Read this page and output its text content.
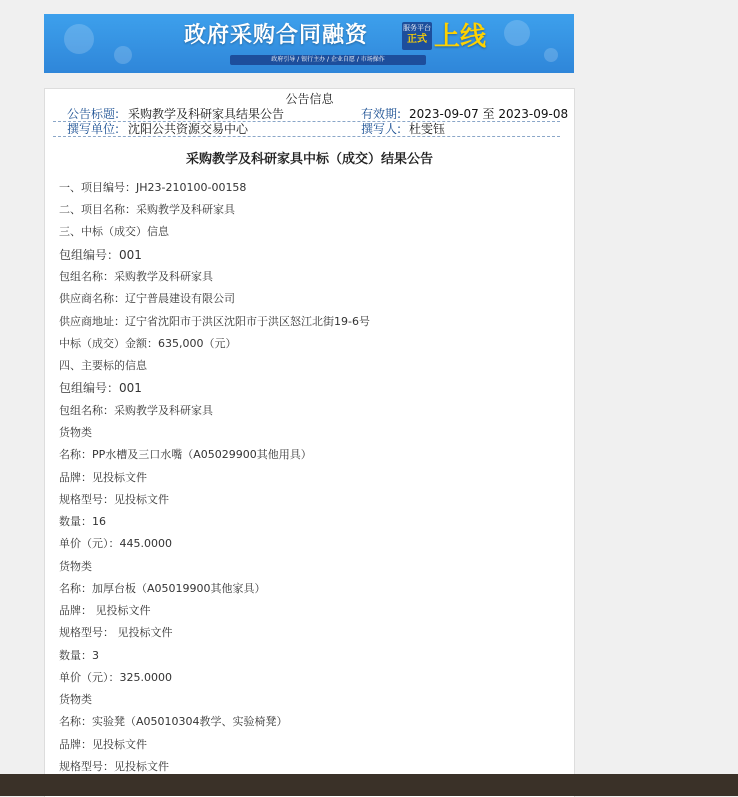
政府采购合同融资	服务平台
正式 上线
政府引导 / 银行主办 / 企业自愿 / 市场操作
公告信息
公告标题: 采购教学及科研家具结果公告	有效期: 2023-09-07 至 2023-09-08
撰写单位: 沈阳公共资源交易中心	撰写人: 杜雯钰
采购教学及科研家具中标（成交）结果公告
一、项目编号：JH23-210100-00158
二、项目名称：采购教学及科研家具
三、中标（成交）信息
包组编号：001
包组名称：采购教学及科研家具
供应商名称：辽宁普晨建设有限公司
供应商地址：辽宁省沈阳市于洪区沈阳市于洪区怒江北街19-6号
中标（成交）金额：635,000（元）
四、主要标的信息
包组编号：001
包组名称：采购教学及科研家具
货物类
名称：PP水槽及三口水嘴（A05029900其他用具）
品牌：见投标文件
规格型号：见投标文件
数量：16
单价（元）：445.0000
货物类
名称：加厚台板（A05019900其他家具）
品牌： 见投标文件
规格型号： 见投标文件
数量：3
单价（元）：325.0000
货物类
名称：实验凳（A05010304教学、实验椅凳）
品牌：见投标文件
规格型号：见投标文件
